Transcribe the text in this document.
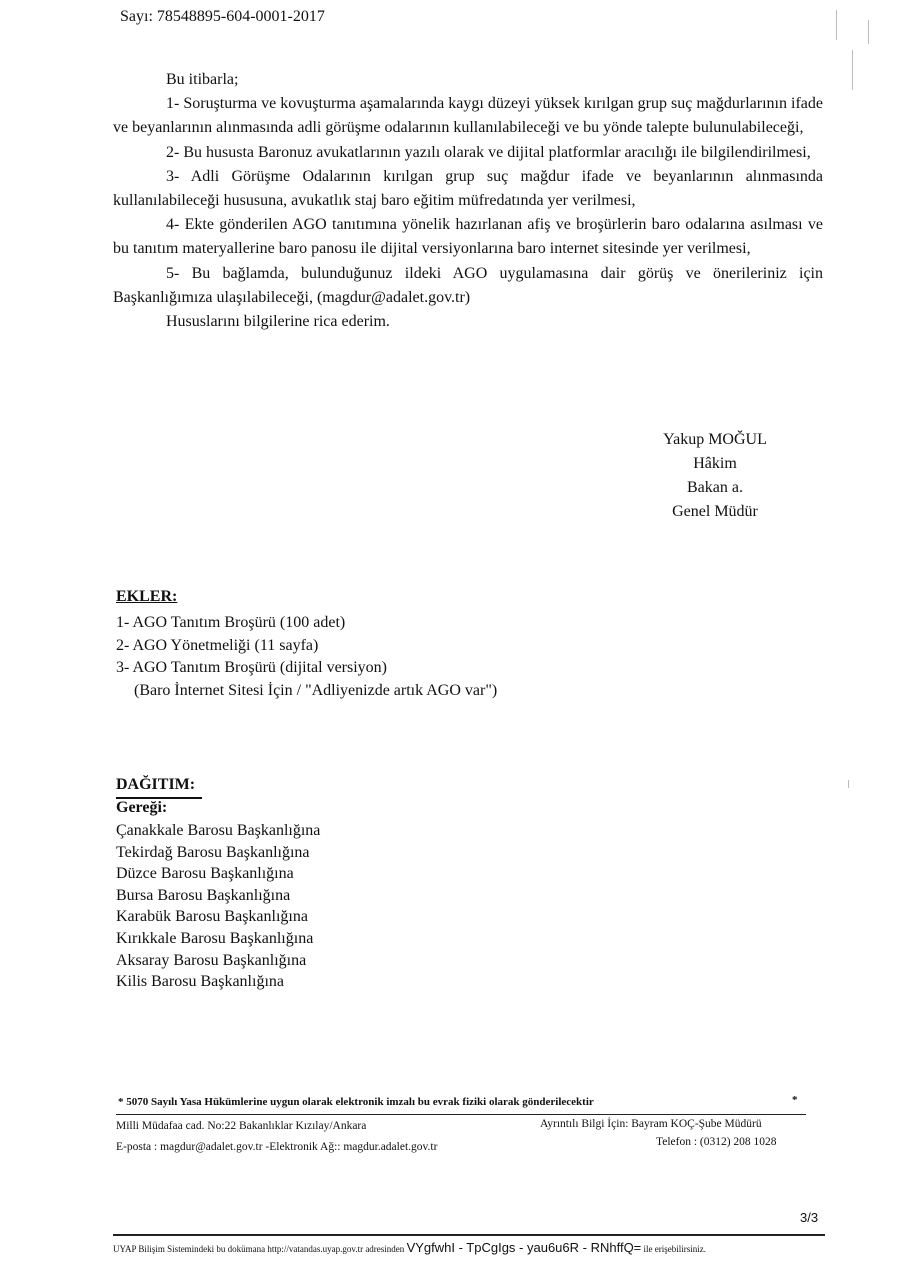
Sayı: 78548895-604-0001-2017

Bu itibarla;

1- Soruşturma ve kovuşturma aşamalarında kaygı düzeyi yüksek kırılgan grup suç mağdurlarının ifade ve beyanlarının alınmasında adli görüşme odalarının kullanılabileceği ve bu yönde talepte bulunulabileceği,

2- Bu hususta Baronuz avukatlarının yazılı olarak ve dijital platformlar aracılığı ile bilgilendirilmesi,

3- Adli Görüşme Odalarının kırılgan grup suç mağdur ifade ve beyanlarının alınmasında kullanılabileceği hususuna, avukatlık staj baro eğitim müfredatında yer verilmesi,

4- Ekte gönderilen AGO tanıtımına yönelik hazırlanan afiş ve broşürlerin baro odalarına asılması ve bu tanıtım materyallerine baro panosu ile dijital versiyonlarına baro internet sitesinde yer verilmesi,

5- Bu bağlamda, bulunduğunuz ildeki AGO uygulamasına dair görüş ve önerileriniz için Başkanlığımıza ulaşılabileceği, (magdur@adalet.gov.tr)

Hususlarını bilgilerine rica ederim.

Yakup MOĞUL
Hâkim
Bakan a.
Genel Müdür
EKLER:
1- AGO Tanıtım Broşürü (100 adet)
2- AGO Yönetmeliği (11 sayfa)
3- AGO Tanıtım Broşürü (dijital versiyon)
(Baro İnternet Sitesi İçin / "Adliyenizde artık AGO var")
DAĞITIM:
Gereği:
Çanakkale Barosu Başkanlığına
Tekirdağ Barosu Başkanlığına
Düzce Barosu Başkanlığına
Bursa Barosu Başkanlığına
Karabük Barosu Başkanlığına
Kırıkkale Barosu Başkanlığına
Aksaray Barosu Başkanlığına
Kilis Barosu Başkanlığına
* 5070 Sayılı Yasa Hükümlerine uygun olarak elektronik imzalı bu evrak fiziki olarak gönderilecektir	*
Milli Müdafaa cad. No:22 Bakanlıklar Kızılay/Ankara	Ayrıntılı Bilgi İçin: Bayram KOÇ-Şube Müdürü
E-posta : magdur@adalet.gov.tr -Elektronik Ağ:: magdur.adalet.gov.tr	Telefon : (0312) 208 1028
3/3
UYAP Bilişim Sistemindeki bu dokümana http://vatandas.uyap.gov.tr adresinden VYgfwhI - TpCgIgs - yau6u6R - RNhffQ= ile erişebilirsiniz.
